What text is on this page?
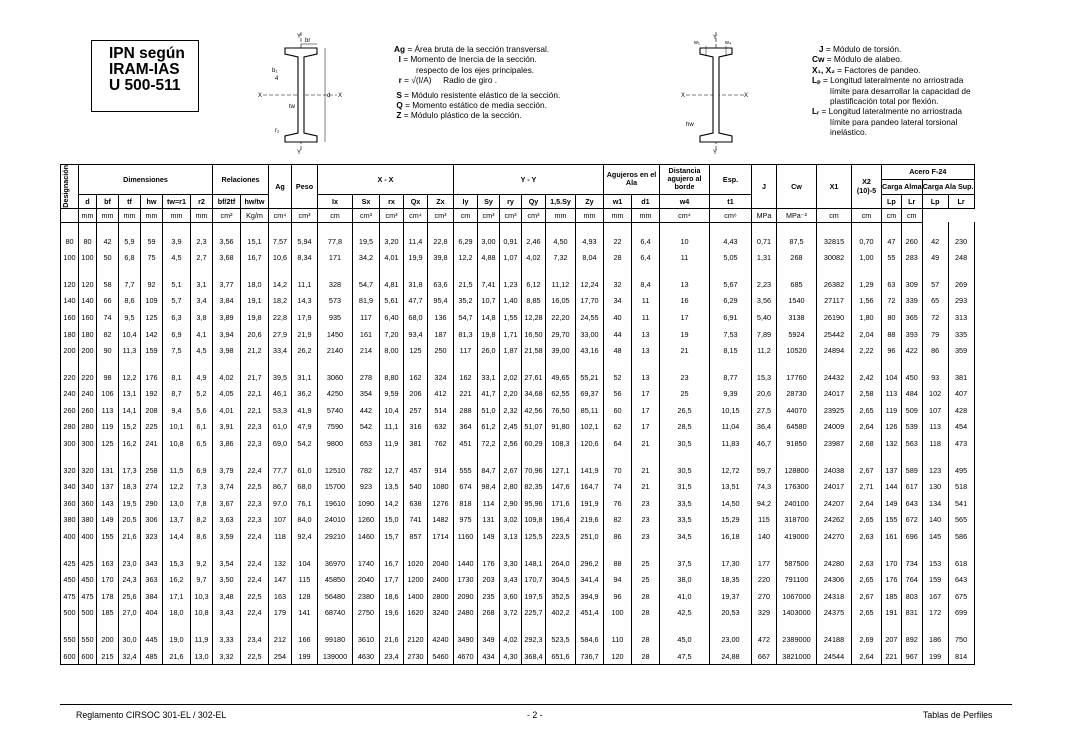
IPN según
IRAM-IAS
U 500-511
br
Y
Y
X	X
b₁
4
tw
r₂
d
Ag = Área bruta de la sección transversal.
I = Momento de Inercia de la sección.
respecto de los ejes principales.
r = √(I/A)     Radio de giro .
S = Módulo resistente elástico de la sección.
Q = Momento estático de media sección.
Z = Módulo plástico de la sección.
Y
w₁	w₄
X	X
hw
Y
J = Módulo de torsión.
Cw = Módulo de alabeo.
X₁, X₂ = Factores de pandeo.
Lₚ = Longitud lateralmente no arriostrada
límite para desarrollar la capacidad de
plastificación total por flexión.
Lᵣ = Longitud lateralmente no arriostrada
límite para pandeo lateral torsional
inelástico.
Designación	Dimensiones						Relaciones		Ag	Peso	X - X					Y - Y						Agujeros en el Ala		Distancia agujero al borde	Esp.	J	Cw	X1	X2
(10)-5	Acero F-24			
																														Carga Alma		Carga Ala Sup.	
	d	bf	tf	hw	tw=r1	r2	bf/2tf	hw/tw			Ix	Sx	rx	Qx	Zx	Iy	Sy	ry	Qy	1,5.Sy	Zy	w1	d1	w4	t1					Lp	Lr	Lp	Lr
	mm	mm	mm	mm	mm	mm	cm²	Kg/m	cm⁴	cm³	cm	cm³	cm³	cm⁴	cm³	cm	cm³	cm³	cm³	mm	mm	mm	mm	cm⁴	cm⁶	MPa	MPa⁻²	cm	cm	cm	cm		

80	80	42	5,9	59	3,9	2,3	3,56	15,1	7,57	5,94	77,8	19,5	3,20	11,4	22,8	6,29	3,00	0,91	2,46	4,50	4,93	22	6,4	10	4,43	0,71	87,5	32815	0,70	47	260	42	230
100	100	50	6,8	75	4,5	2,7	3,68	16,7	10,6	8,34	171	34,2	4,01	19,9	39,8	12,2	4,88	1,07	4,02	7,32	8,04	28	6,4	11	5,05	1,31	268	30082	1,00	55	283	49	248

120	120	58	7,7	92	5,1	3,1	3,77	18,0	14,2	11,1	328	54,7	4,81	31,8	63,6	21,5	7,41	1,23	6,12	11,12	12,24	32	8,4	13	5,67	2,23	685	26382	1,29	63	309	57	269
140	140	66	8,6	109	5,7	3,4	3,84	19,1	18,2	14,3	573	81,9	5,61	47,7	95,4	35,2	10,7	1,40	8,85	16,05	17,70	34	11	16	6,29	3,56	1540	27117	1,56	72	339	65	293
160	160	74	9,5	125	6,3	3,8	3,89	19,8	22,8	17,9	935	117	6,40	68,0	136	54,7	14,8	1,55	12,28	22,20	24,55	40	11	17	6,91	5,40	3138	26190	1,80	80	365	72	313
180	180	82	10,4	142	6,9	4,1	3,94	20,6	27,9	21,9	1450	161	7,20	93,4	187	81,3	19,8	1,71	16,50	29,70	33,00	44	13	19	7,53	7,89	5924	25442	2,04	88	393	79	335
200	200	90	11,3	159	7,5	4,5	3,98	21,2	33,4	26,2	2140	214	8,00	125	250	117	26,0	1,87	21,58	39,00	43,16	48	13	21	8,15	11,2	10520	24894	2,22	96	422	86	359

220	220	98	12,2	176	8,1	4,9	4,02	21,7	39,5	31,1	3060	278	8,80	162	324	162	33,1	2,02	27,61	49,65	55,21	52	13	23	8,77	15,3	17760	24432	2,42	104	450	93	381
240	240	106	13,1	192	8,7	5,2	4,05	22,1	46,1	36,2	4250	354	9,59	206	412	221	41,7	2,20	34,68	62,55	69,37	56	17	25	9,39	20,6	28730	24017	2,58	113	484	102	407
260	260	113	14,1	208	9,4	5,6	4,01	22,1	53,3	41,9	5740	442	10,4	257	514	288	51,0	2,32	42,56	76,50	85,11	60	17	26,5	10,15	27,5	44070	23925	2,65	119	509	107	428
280	280	119	15,2	225	10,1	6,1	3,91	22,3	61,0	47,9	7590	542	11,1	316	632	364	61,2	2,45	51,07	91,80	102,1	62	17	28,5	11,04	36,4	64580	24009	2,64	126	539	113	454
300	300	125	16,2	241	10,8	6,5	3,86	22,3	69,0	54,2	9800	653	11,9	381	762	451	72,2	2,56	60,29	108,3	120,6	64	21	30,5	11,83	46,7	91850	23987	2,68	132	563	118	473

320	320	131	17,3	258	11,5	6,9	3,79	22,4	77,7	61,0	12510	782	12,7	457	914	555	84,7	2,67	70,96	127,1	141,9	70	21	30,5	12,72	59,7	128800	24038	2,67	137	589	123	495
340	340	137	18,3	274	12,2	7,3	3,74	22,5	86,7	68,0	15700	923	13,5	540	1080	674	98,4	2,80	82,35	147,6	164,7	74	21	31,5	13,51	74,3	176300	24017	2,71	144	617	130	518
360	360	143	19,5	290	13,0	7,8	3,67	22,3	97,0	76,1	19610	1090	14,2	638	1276	818	114	2,90	95,96	171,6	191,9	76	23	33,5	14,50	94,2	240100	24207	2,64	149	643	134	541
380	380	149	20,5	306	13,7	8,2	3,63	22,3	107	84,0	24010	1260	15,0	741	1482	975	131	3,02	109,8	196,4	219,6	82	23	33,5	15,29	115	318700	24262	2,65	155	672	140	565
400	400	155	21,6	323	14,4	8,6	3,59	22,4	118	92,4	29210	1460	15,7	857	1714	1160	149	3,13	125,5	223,5	251,0	86	23	34,5	16,18	140	419000	24270	2,63	161	696	145	586

425	425	163	23,0	343	15,3	9,2	3,54	22,4	132	104	36970	1740	16,7	1020	2040	1440	176	3,30	148,1	264,0	296,2	88	25	37,5	17,30	177	587500	24280	2,63	170	734	153	618
450	450	170	24,3	363	16,2	9,7	3,50	22,4	147	115	45850	2040	17,7	1200	2400	1730	203	3,43	170,7	304,5	341,4	94	25	38,0	18,35	220	791100	24306	2,65	176	764	159	643
475	475	178	25,6	384	17,1	10,3	3,48	22,5	163	128	56480	2380	18,6	1400	2800	2090	235	3,60	197,5	352,5	394,9	96	28	41,0	19,37	270	1067000	24318	2,67	185	803	167	675
500	500	185	27,0	404	18,0	10,8	3,43	22,4	179	141	68740	2750	19,6	1620	3240	2480	268	3,72	225,7	402,2	451,4	100	28	42,5	20,53	329	1403000	24375	2,65	191	831	172	699

550	550	200	30,0	445	19,0	11,9	3,33	23,4	212	166	99180	3610	21,6	2120	4240	3490	349	4,02	292,3	523,5	584,6	110	28	45,0	23,00	472	2389000	24188	2,69	207	892	186	750
600	600	215	32,4	485	21,6	13,0	3,32	22,5	254	199	139000	4630	23,4	2730	5460	4670	434	4,30	368,4	651,6	736,7	120	28	47,5	24,88	667	3821000	24544	2,64	221	967	199	814
Reglamento CIRSOC 301-EL / 302-EL	- 2 -	Tablas de Perfiles
